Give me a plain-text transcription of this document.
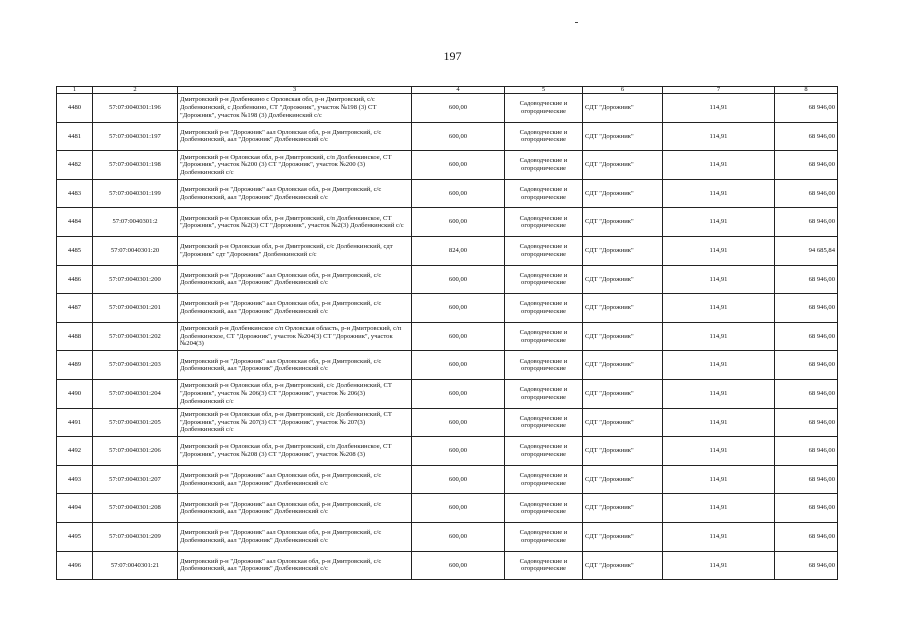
197
1	2	3	4	5	6	7	8
4480	57:07:0040301:196	Дмитровский р-н Долбенкино с Орловская обл, р-н Дмитровский, с/с Долбенкинский, с Долбенкино, СТ "Дорожник", участок №198 (3) СТ "Дорожник", участок №198 (3) Долбенкинский с/с	600,00	Садоводческие и огороднические	СДТ "Дорожник"	114,91	68 946,00
4481	57:07:0040301:197	Дмитровский р-н "Дорожник" аал Орловская обл, р-н Дмитровский, с/с Долбенкинский, аал "Дорожник" Долбенкинский с/с	600,00	Садоводческие и огороднические	СДТ "Дорожник"	114,91	68 946,00
4482	57:07:0040301:198	Дмитровский р-н Орловская обл, р-н Дмитровский, с/п Долбенкинское, СТ "Дорожник", участок №200 (3) СТ "Дорожник", участок №200 (3) Долбенкинский с/с	600,00	Садоводческие и огороднические	СДТ "Дорожник"	114,91	68 946,00
4483	57:07:0040301:199	Дмитровский р-н "Дорожник" аал Орловская обл, р-н Дмитровский, с/с Долбенкинский, аал "Дорожник" Долбенкинский с/с	600,00	Садоводческие и огороднические	СДТ "Дорожник"	114,91	68 946,00
4484	57:07:0040301:2	Дмитровский р-н Орловская обл, р-н Дмитровский, с/п Долбенкинское, СТ "Дорожник", участок №2(3) СТ "Дорожник", участок №2(3) Долбенкинский с/с	600,00	Садоводческие и огороднические	СДТ "Дорожник"	114,91	68 946,00
4485	57:07:0040301:20	Дмитровский р-н Орловская обл, р-н Дмитровский, с/с Долбенкинский, сдт "Дорожник" сдт "Дорожник" Долбенкинский с/с	824,00	Садоводческие и огороднические	СДТ "Дорожник"	114,91	94 685,84
4486	57:07:0040301:200	Дмитровский р-н "Дорожник" аал Орловская обл, р-н Дмитровский, с/с Долбенкинский, аал "Дорожник" Долбенкинский с/с	600,00	Садоводческие и огороднические	СДТ "Дорожник"	114,91	68 946,00
4487	57:07:0040301:201	Дмитровский р-н "Дорожник" аал Орловская обл, р-н Дмитровский, с/с Долбенкинский, аал "Дорожник" Долбенкинский с/с	600,00	Садоводческие и огороднические	СДТ "Дорожник"	114,91	68 946,00
4488	57:07:0040301:202	Дмитровский р-н Долбенкинское с/п Орловская область, р-н Дмитровский, с/п Долбенкинское, СТ "Дорожник", участок №204(3) СТ "Дорожник", участок №204(3)	600,00	Садоводческие и огороднические	СДТ "Дорожник"	114,91	68 946,00
4489	57:07:0040301:203	Дмитровский р-н "Дорожник" аал Орловская обл, р-н Дмитровский, с/с Долбенкинский, аал "Дорожник" Долбенкинский с/с	600,00	Садоводческие и огороднические	СДТ "Дорожник"	114,91	68 946,00
4490	57:07:0040301:204	Дмитровский р-н Орловская обл, р-н Дмитровский, с/с Долбенкинский, СТ "Дорожник", участок № 206(3) СТ "Дорожник", участок № 206(3) Долбенкинский с/с	600,00	Садоводческие и огороднические	СДТ "Дорожник"	114,91	68 946,00
4491	57:07:0040301:205	Дмитровский р-н Орловская обл, р-н Дмитровский, с/с Долбенкинский, СТ "Дорожник", участок № 207(3) СТ "Дорожник", участок № 207(3) Долбенкинский с/с	600,00	Садоводческие и огороднические	СДТ "Дорожник"	114,91	68 946,00
4492	57:07:0040301:206	Дмитровский р-н Орловская обл, р-н Дмитровский, с/п Долбенкинское, СТ "Дорожник", участок №208 (3) СТ "Дорожник", участок №208 (3)	600,00	Садоводческие и огороднические	СДТ "Дорожник"	114,91	68 946,00
4493	57:07:0040301:207	Дмитровский р-н "Дорожник" аал Орловская обл, р-н Дмитровский, с/с Долбенкинский, аал "Дорожник" Долбенкинский с/с	600,00	Садоводческие и огороднические	СДТ "Дорожник"	114,91	68 946,00
4494	57:07:0040301:208	Дмитровский р-н "Дорожник" аал Орловская обл, р-н Дмитровский, с/с Долбенкинский, аал "Дорожник" Долбенкинский с/с	600,00	Садоводческие и огороднические	СДТ "Дорожник"	114,91	68 946,00
4495	57:07:0040301:209	Дмитровский р-н "Дорожник" аал Орловская обл, р-н Дмитровский, с/с Долбенкинский, аал "Дорожник" Долбенкинский с/с	600,00	Садоводческие и огороднические	СДТ "Дорожник"	114,91	68 946,00
4496	57:07:0040301:21	Дмитровский р-н "Дорожник" аал Орловская обл, р-н Дмитровский, с/с Долбенкинский, аал "Дорожник" Долбенкинский с/с	600,00	Садоводческие и огороднические	СДТ "Дорожник"	114,91	68 946,00
